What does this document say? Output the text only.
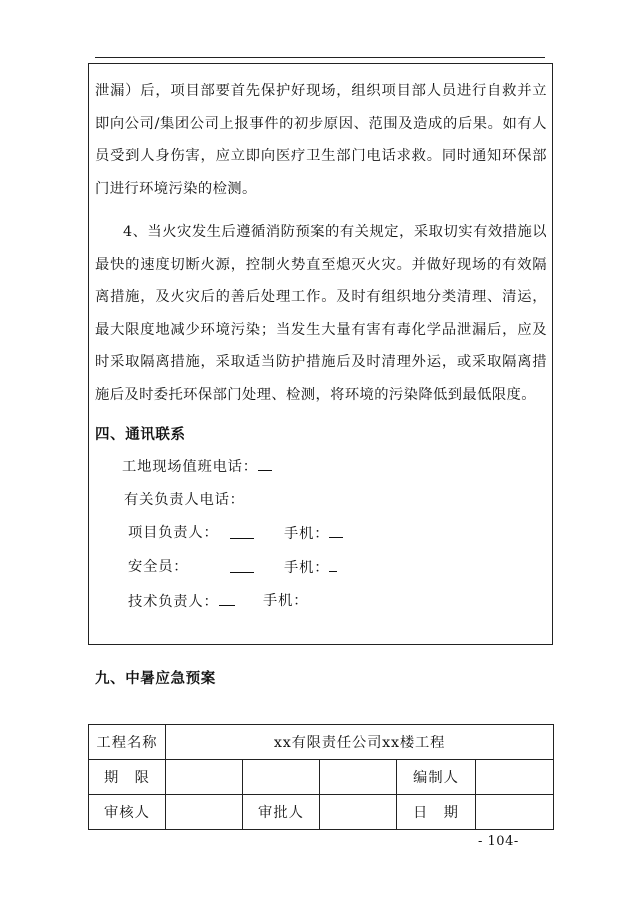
泄漏）后，项目部要首先保护好现场，组织项目部人员进行自救并立即向公司/集团公司上报事件的初步原因、范围及造成的后果。如有人员受到人身伤害，应立即向医疗卫生部门电话求救。同时通知环保部门进行环境污染的检测。

4、当火灾发生后遵循消防预案的有关规定，采取切实有效措施以最快的速度切断火源，控制火势直至熄灭火灾。并做好现场的有效隔离措施，及火灾后的善后处理工作。及时有组织地分类清理、清运，最大限度地减少环境污染；当发生大量有害有毒化学品泄漏后，应及时采取隔离措施，采取适当防护措施后及时清理外运，或采取隔离措施后及时委托环保部门处理、检测，将环境的污染降低到最低限度。

四、通讯联系

工地现场值班电话：

有关负责人电话：

项目负责人：	手机：

安全员：	手机：

技术负责人：	手机：

九、中暑应急预案

工程名称	xx有限责任公司xx楼工程				
期　限				编制人	
审核人		审批人		日　期	
- 104-
